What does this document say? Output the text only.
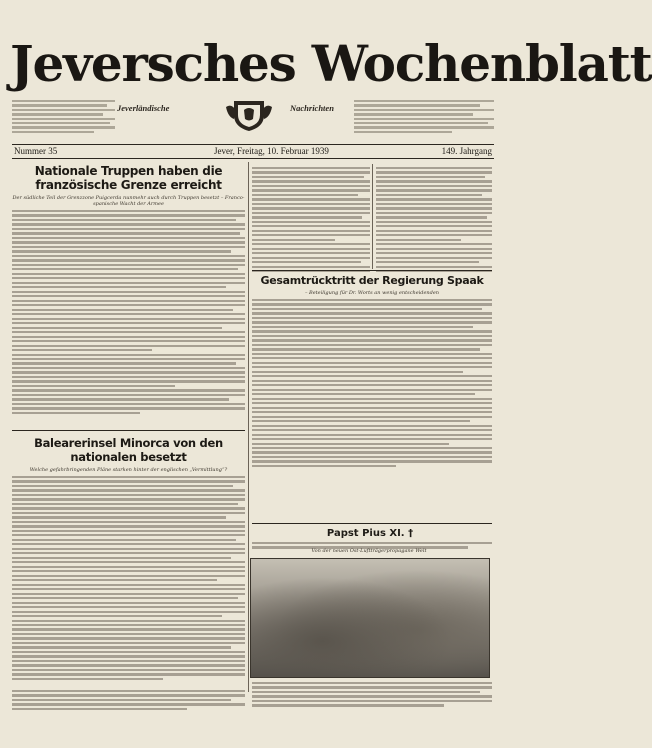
Jeversches Wochenblatt
Jeverländische	Nachrichten
Nummer 35	Jever, Freitag, 10. Februar 1939	149. Jahrgang
Nationale Truppen haben die französische Grenze erreicht
Der südliche Teil der Grenzzone Puigcerda nunmehr auch durch Truppen besetzt – Franco-spanische Wacht der Armee
Balearerinsel Minorca von den nationalen besetzt
Welche gefahrbringenden Pläne starken hinter der englischen „Vermittlung“?
Gesamtrücktritt der Regierung Spaak
– Beteiligung für Dr. Worts an wenig entscheidenden
Papst Pius XI. †
Von der neuen Ost-Luftträgerpropagane Welt
